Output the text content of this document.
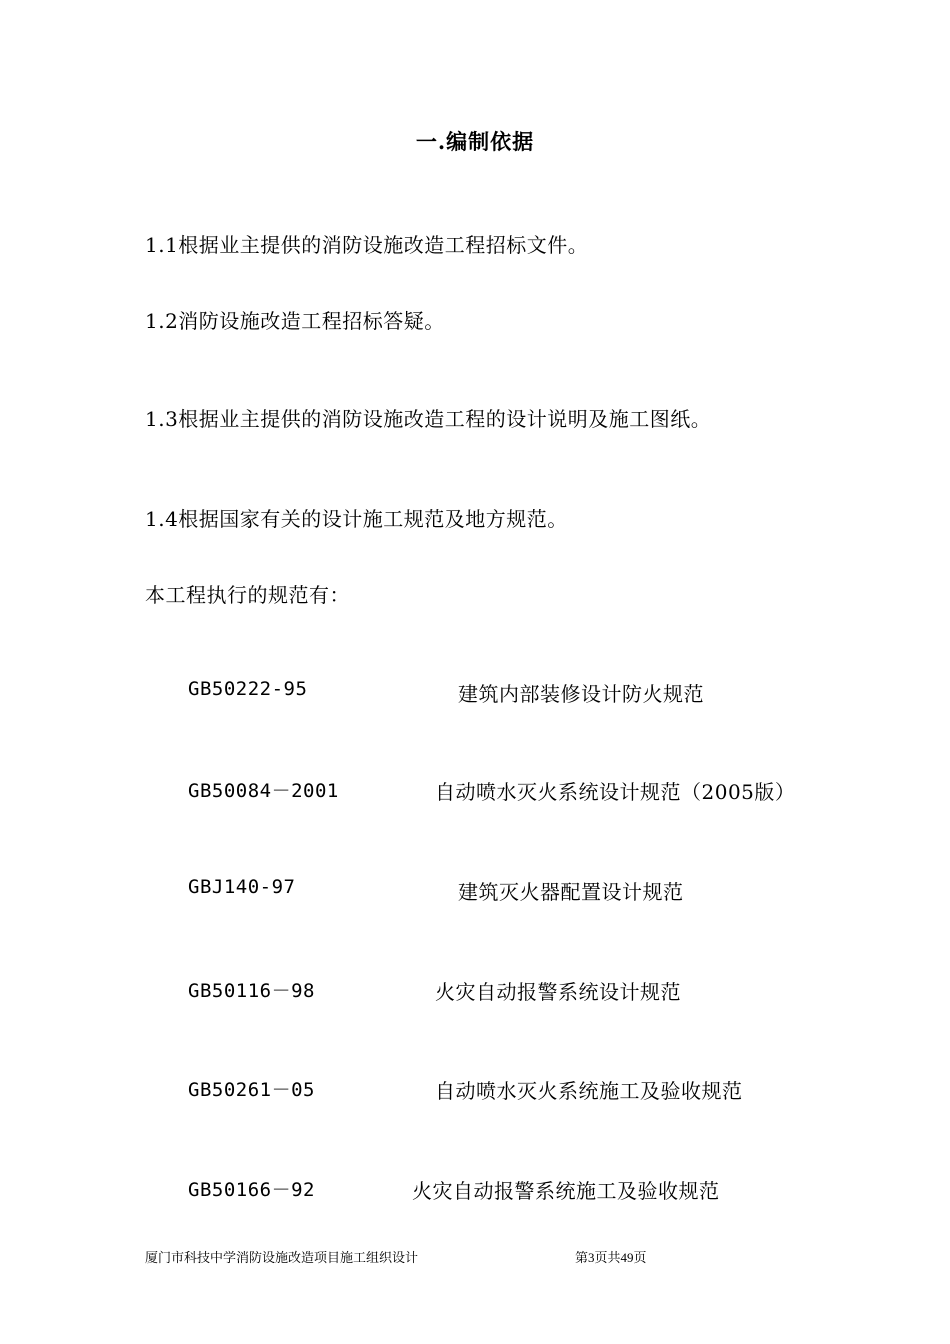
一.编制依据
1.1根据业主提供的消防设施改造工程招标文件。
1.2消防设施改造工程招标答疑。
1.3根据业主提供的消防设施改造工程的设计说明及施工图纸。
1.4根据国家有关的设计施工规范及地方规范。
本工程执行的规范有：
GB50222-95	建筑内部装修设计防火规范
GB50084－2001	自动喷水灭火系统设计规范（2005版）
GBJ140-97	建筑灭火器配置设计规范
GB50116－98	火灾自动报警系统设计规范
GB50261－05	自动喷水灭火系统施工及验收规范
GB50166－92	火灾自动报警系统施工及验收规范
厦门市科技中学消防设施改造项目施工组织设计	第3页共49页
